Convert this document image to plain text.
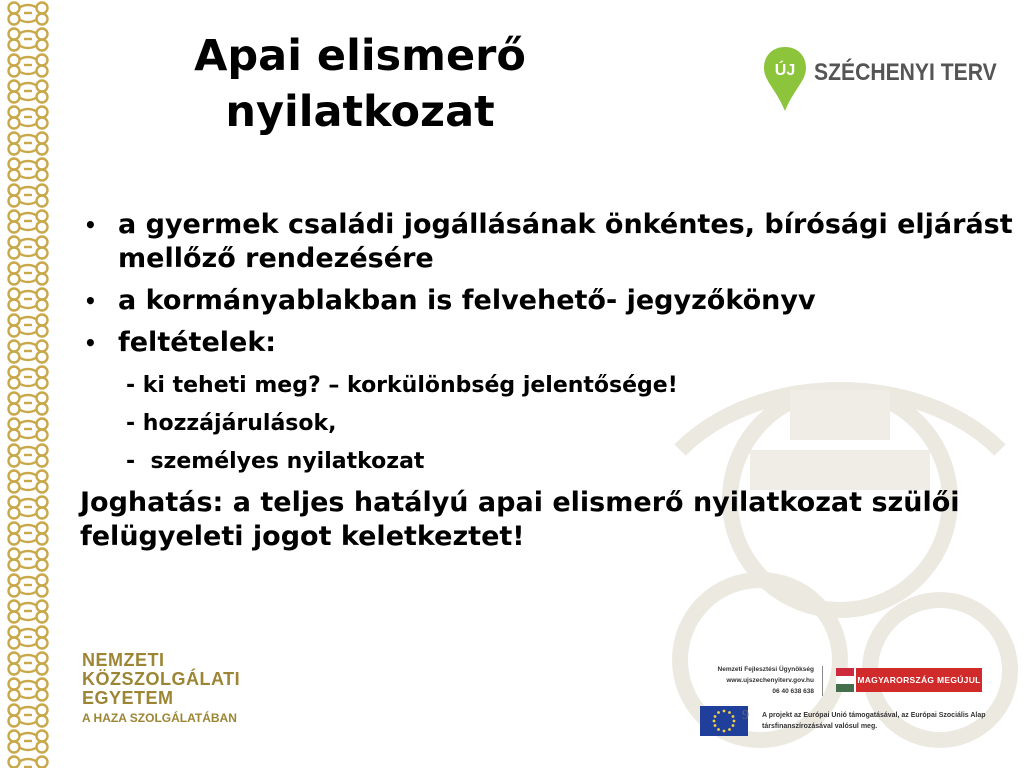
Apai elismerő nyilatkozat
ÚJ SZÉCHENYI TERV
• a gyermek családi jogállásának önkéntes, bírósági eljárást mellőző rendezésére
• a kormányablakban is felvehető- jegyzőkönyv
• feltételek:
- ki teheti meg? – korkülönbség jelentősége!
- hozzájárulások,
-  személyes nyilatkozat
Joghatás: a teljes hatályú apai elismerő nyilatkozat szülői felügyeleti jogot keletkeztet!
NEMZETI
KÖZSZOLGÁLATI
EGYETEM
A HAZA SZOLGÁLATÁBAN
Nemzeti Fejlesztési Ügynökség
www.ujszechenyiterv.gov.hu
06 40 638 638
MAGYARORSZÁG MEGÚJUL
A projekt az Európai Unió támogatásával, az Európai Szociális Alap társfinanszírozásával valósul meg.
9
